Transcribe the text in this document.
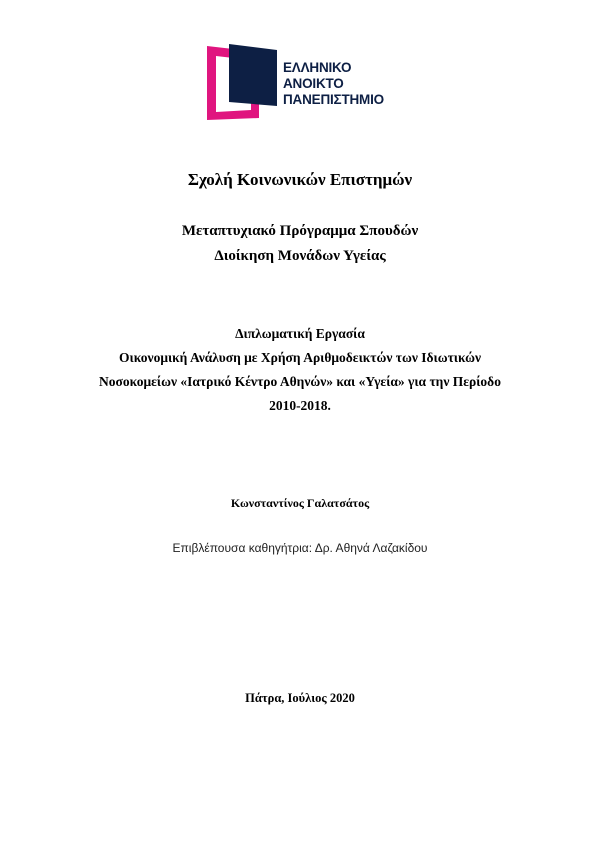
ΕΛΛΗΝΙΚΟ
ΑΝΟΙΚΤΟ
ΠΑΝΕΠΙΣΤΗΜΙΟ
Σχολή Κοινωνικών Επιστημών
Μεταπτυχιακό Πρόγραμμα Σπουδών
Διοίκηση Μονάδων Υγείας
Διπλωματική Εργασία
Οικονομική Ανάλυση με Χρήση Αριθμοδεικτών των Ιδιωτικών
Νοσοκομείων «Ιατρικό Κέντρο Αθηνών» και «Υγεία» για την Περίοδο
2010-2018.
Κωνσταντίνος Γαλατσάτος
Επιβλέπουσα καθηγήτρια: Δρ. Αθηνά Λαζακίδου
Πάτρα, Ιούλιος 2020
